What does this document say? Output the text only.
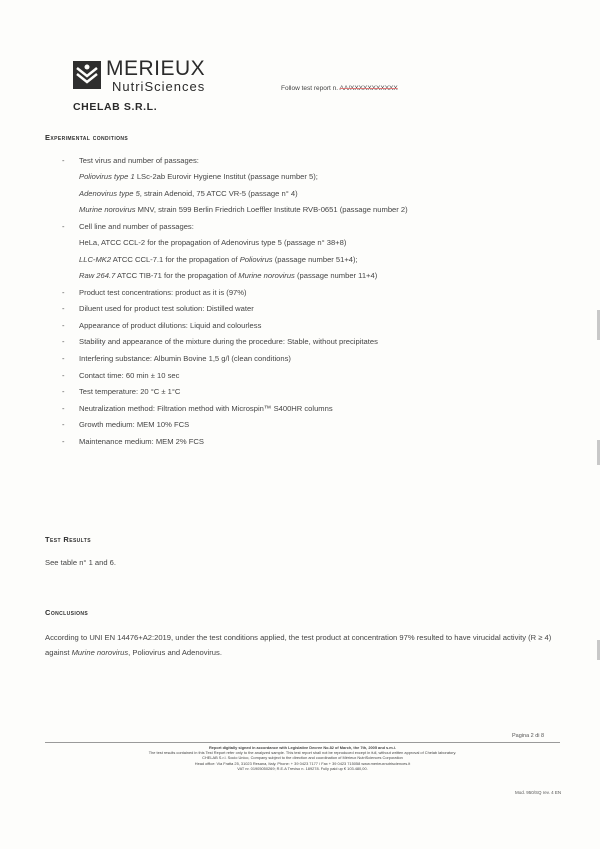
MERIEUX
NutriSciences
CHELAB S.R.L.
Follow test report n. AA/XXXXXXXXXXX
Experimental conditions
- Test virus and number of passages:
Poliovirus type 1 LSc-2ab Eurovir Hygiene Institut (passage number 5);
Adenovirus type 5, strain Adenoid, 75 ATCC VR-5 (passage n° 4)
Murine norovirus MNV, strain 599 Berlin Friedrich Loeffler Institute RVB-0651 (passage number 2)
- Cell line and number of passages:
HeLa, ATCC CCL-2 for the propagation of Adenovirus type 5 (passage n° 38+8)
LLC-MK2 ATCC CCL-7.1 for the propagation of Poliovirus (passage number 51+4);
Raw 264.7 ATCC TIB-71 for the propagation of Murine norovirus (passage number 11+4)
- Product test concentrations: product as it is (97%)
- Diluent used for product test solution: Distilled water
- Appearance of product dilutions: Liquid and colourless
- Stability and appearance of the mixture during the procedure: Stable, without precipitates
- Interfering substance: Albumin Bovine 1,5 g/l (clean conditions)
- Contact time: 60 min ± 10 sec
- Test temperature: 20 °C ± 1°C
- Neutralization method: Filtration method with Microspin™ S400HR columns
- Growth medium: MEM 10% FCS
- Maintenance medium: MEM 2% FCS
Test Results
See table n° 1 and 6.
Conclusions
According to UNI EN 14476+A2:2019, under the test conditions applied, the test product at concentration 97% resulted to have virucidal activity (R ≥ 4) against Murine norovirus, Poliovirus and Adenovirus.
Pagina 2 di 8
Report digitally signed in accordance with Legislative Decree No.82 of March, the 7th, 2005 and s.m.i.
The test results contained in this Test Report refer only to the analyzed sample. This test report shall not be reproduced except in full, without written approval of Chelab laboratory.
CHELAB S.r.l. Socio Unico, Company subject to the direction and coordination of Mérieux NutriSciences Corporation
Head office: Via Fratta 25, 31023 Resana, Italy. Phone: + 39 0423 7177 / Fax + 39 0423 715058 www.merieuxnutrisciences.it
VAT nr. 01905050269; R.E.A Treviso n. 189278. Fully paid up € 103.480,00.
Mod. 950/SQ rev. 4 EN
